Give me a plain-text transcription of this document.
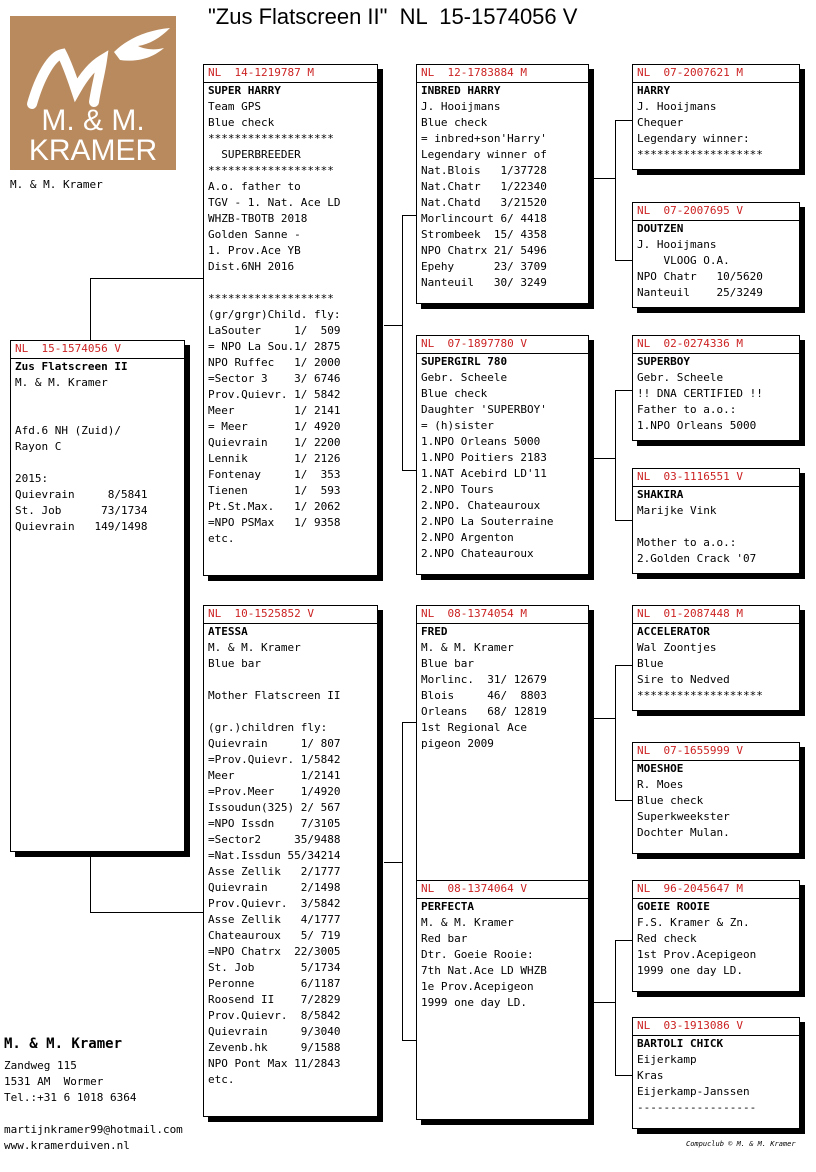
"Zus Flatscreen II"  NL  15-1574056 V
M. & M.
KRAMER
M. & M. Kramer
NL  15-1574056 V
Zus Flatscreen II
M. & M. Kramer
Afd.6 NH (Zuid)/
Rayon C
2015:
Quievrain     8/5841
St. Job      73/1734
Quievrain   149/1498
NL  14-1219787 M
SUPER HARRY
Team GPS
Blue check
*******************
SUPERBREEDER
*******************
A.o. father to
TGV - 1. Nat. Ace LD
WHZB-TBOTB 2018
Golden Sanne -
1. Prov.Ace YB
Dist.6NH 2016
*******************
(gr/grgr)Child. fly:
LaSouter     1/  509
= NPO La Sou.1/ 2875
NPO Ruffec   1/ 2000
=Sector 3    3/ 6746
Prov.Quievr. 1/ 5842
Meer         1/ 2141
= Meer       1/ 4920
Quievrain    1/ 2200
Lennik       1/ 2126
Fontenay     1/  353
Tienen       1/  593
Pt.St.Max.   1/ 2062
=NPO PSMax   1/ 9358
etc.
NL  10-1525852 V
ATESSA
M. & M. Kramer
Blue bar
Mother Flatscreen II
(gr.)children fly:
Quievrain     1/ 807
=Prov.Quievr. 1/5842
Meer          1/2141
=Prov.Meer    1/4920
Issoudun(325) 2/ 567
=NPO Issdn    7/3105
=Sector2     35/9488
=Nat.Issdun 55/34214
Asse Zellik   2/1777
Quievrain     2/1498
Prov.Quievr.  3/5842
Asse Zellik   4/1777
Chateauroux   5/ 719
=NPO Chatrx  22/3005
St. Job       5/1734
Peronne       6/1187
Roosend II    7/2829
Prov.Quievr.  8/5842
Quievrain     9/3040
Zevenb.hk     9/1588
NPO Pont Max 11/2843
etc.
NL  12-1783884 M
INBRED HARRY
J. Hooijmans
Blue check
= inbred+son'Harry'
Legendary winner of
Nat.Blois   1/37728
Nat.Chatr   1/22340
Nat.Chatd   3/21520
Morlincourt 6/ 4418
Strombeek  15/ 4358
NPO Chatrx 21/ 5496
Epehy      23/ 3709
Nanteuil   30/ 3249
NL  07-1897780 V
SUPERGIRL 780
Gebr. Scheele
Blue check
Daughter 'SUPERBOY'
= (h)sister
1.NPO Orleans 5000
1.NPO Poitiers 2183
1.NAT Acebird LD'11
2.NPO Tours
2.NPO. Chateauroux
2.NPO La Souterraine
2.NPO Argenton
2.NPO Chateauroux
NL  08-1374054 M
FRED
M. & M. Kramer
Blue bar
Morlinc.  31/ 12679
Blois     46/  8803
Orleans   68/ 12819
1st Regional Ace
pigeon 2009
NL  08-1374064 V
PERFECTA
M. & M. Kramer
Red bar
Dtr. Goeie Rooie:
7th Nat.Ace LD WHZB
1e Prov.Acepigeon
1999 one day LD.
NL  07-2007621 M
HARRY
J. Hooijmans
Chequer
Legendary winner:
*******************
NL  07-2007695 V
DOUTZEN
J. Hooijmans
VLOOG O.A.
NPO Chatr   10/5620
Nanteuil    25/3249
NL  02-0274336 M
SUPERBOY
Gebr. Scheele
!! DNA CERTIFIED !!
Father to a.o.:
1.NPO Orleans 5000
NL  03-1116551 V
SHAKIRA
Marijke Vink
Mother to a.o.:
2.Golden Crack '07
NL  01-2087448 M
ACCELERATOR
Wal Zoontjes
Blue
Sire to Nedved
*******************
NL  07-1655999 V
MOESHOE
R. Moes
Blue check
Superkweekster
Dochter Mulan.
NL  96-2045647 M
GOEIE ROOIE
F.S. Kramer & Zn.
Red check
1st Prov.Acepigeon
1999 one day LD.
NL  03-1913086 V
BARTOLI CHICK
Eijerkamp
Kras
Eijerkamp-Janssen
------------------
M. & M. Kramer
Zandweg 115
1531 AM  Wormer
Tel.:+31 6 1018 6364
martijnkramer99@hotmail.com
www.kramerduiven.nl	Compuclub © M. & M. Kramer
